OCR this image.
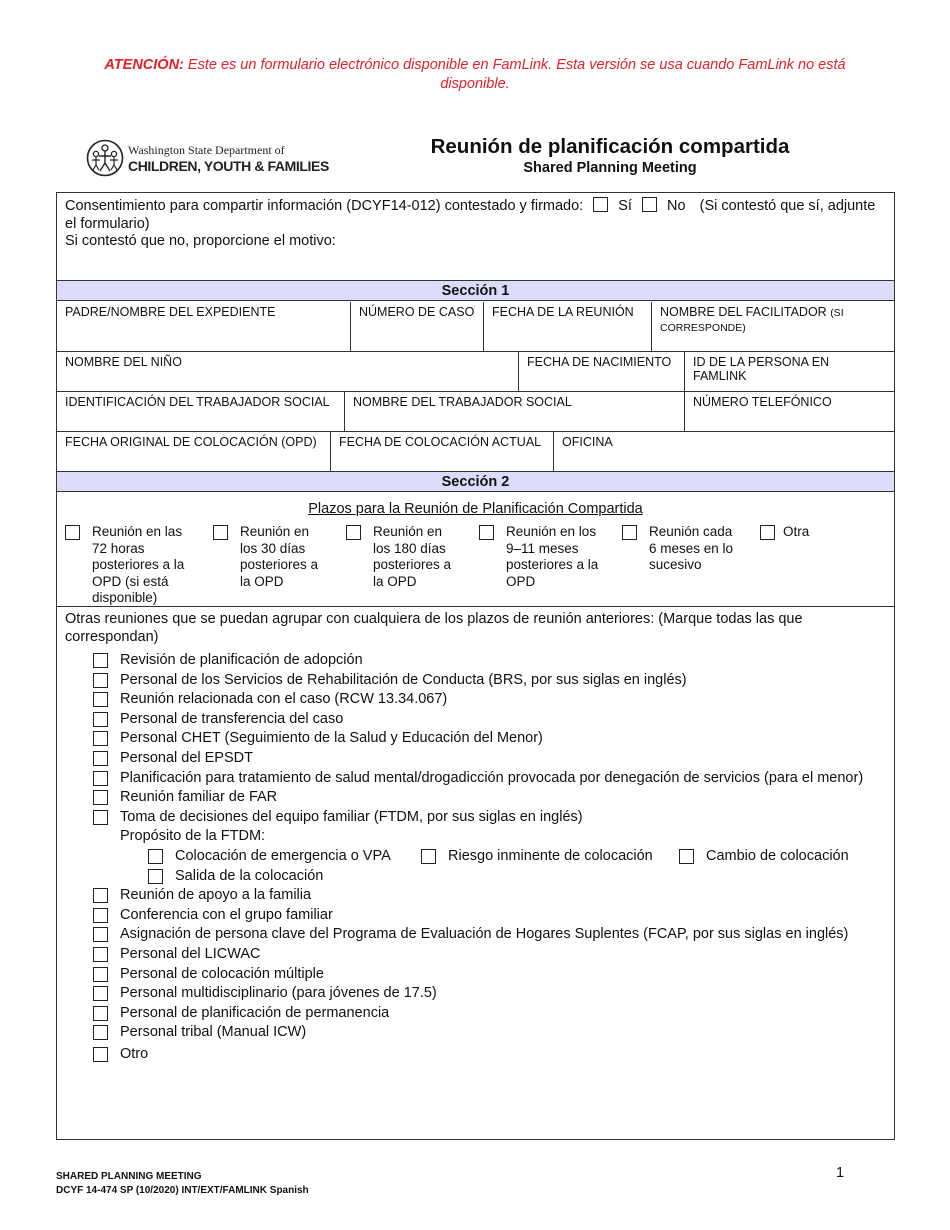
ATENCIÓN: Este es un formulario electrónico disponible en FamLink. Esta versión se usa cuando FamLink no está disponible.
Washington State Department of
CHILDREN, YOUTH & FAMILIES
Reunión de planificación compartida
Shared Planning Meeting
Consentimiento para compartir información (DCYF14-012) contestado y firmado: Sí No (Si contestó que sí, adjunte el formulario)
Si contestó que no, proporcione el motivo:
Sección 1
PADRE/NOMBRE DEL EXPEDIENTE	NÚMERO DE CASO	FECHA DE LA REUNIÓN	NOMBRE DEL FACILITADOR (SI CORRESPONDE)
NOMBRE DEL NIÑO	FECHA DE NACIMIENTO	ID DE LA PERSONA EN FAMLINK
IDENTIFICACIÓN DEL TRABAJADOR SOCIAL	NOMBRE DEL TRABAJADOR SOCIAL	NÚMERO TELEFÓNICO
FECHA ORIGINAL DE COLOCACIÓN (OPD)	FECHA DE COLOCACIÓN ACTUAL	OFICINA
Sección 2
Plazos para la Reunión de Planificación Compartida
Reunión en las
72 horas
posteriores a la
OPD (si está
disponible)
Reunión en
los 30 días
posteriores a
la OPD
Reunión en
los 180 días
posteriores a
la OPD
Reunión en los
9–11 meses
posteriores a la
OPD
Reunión cada
6 meses en lo
sucesivo
Otra
Otras reuniones que se puedan agrupar con cualquiera de los plazos de reunión anteriores: (Marque todas las que correspondan)
Revisión de planificación de adopción
Personal de los Servicios de Rehabilitación de Conducta (BRS, por sus siglas en inglés)
Reunión relacionada con el caso (RCW 13.34.067)
Personal de transferencia del caso
Personal CHET (Seguimiento de la Salud y Educación del Menor)
Personal del EPSDT
Planificación para tratamiento de salud mental/drogadicción provocada por denegación de servicios (para el menor)
Reunión familiar de FAR
Toma de decisiones del equipo familiar (FTDM, por sus siglas en inglés)
Propósito de la FTDM:
Colocación de emergencia o VPA	Riesgo inminente de colocación	Cambio de colocación
Salida de la colocación
Reunión de apoyo a la familia
Conferencia con el grupo familiar
Asignación de persona clave del Programa de Evaluación de Hogares Suplentes (FCAP, por sus siglas en inglés)
Personal del LICWAC
Personal de colocación múltiple
Personal multidisciplinario (para jóvenes de 17.5)
Personal de planificación de permanencia
Personal tribal (Manual ICW)
Otro
SHARED PLANNING MEETING
DCYF 14-474 SP (10/2020) INT/EXT/FAMLINK Spanish
1
